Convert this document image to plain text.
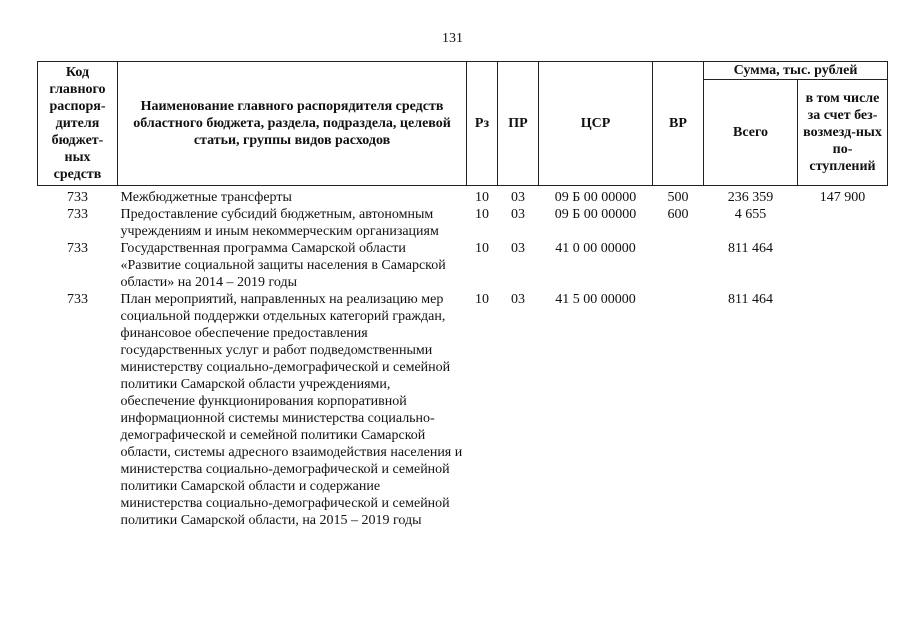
131
Код главного распоря-дителя бюджет-ных средств	Наименование главного распорядителя средств областного бюджета, раздела, подраздела, целевой статьи, группы видов расходов	Рз	ПР	ЦСР	ВР	Сумма, тыс. рублей	
						Всего	в том числе за счет без-возмезд-ных по-ступлений

733	Межбюджетные трансферты	10	03	09 Б 00 00000	500	236 359	147 900
733	Предоставление субсидий бюджетным, автономным учреждениям и иным некоммерческим организациям	10	03	09 Б 00 00000	600	4 655	
733	Государственная программа Самарской области «Развитие социальной защиты населения в Самарской области» на 2014 – 2019 годы	10	03	41 0 00 00000		811 464	
733	План мероприятий, направленных на реализацию мер социальной поддержки отдельных категорий граждан, финансовое обеспечение предоставления государственных услуг и работ подведомственными министерству социально-демографической и семейной политики Самарской области учреждениями, обеспечение функционирования корпоративной информационной системы министерства социально-демографической и семейной политики Самарской области, системы адресного взаимодействия населения и министерства социально-демографической и семейной политики Самарской области и содержание министерства социально-демографической и семейной политики Самарской области, на 2015 – 2019 годы	10	03	41 5 00 00000		811 464	
